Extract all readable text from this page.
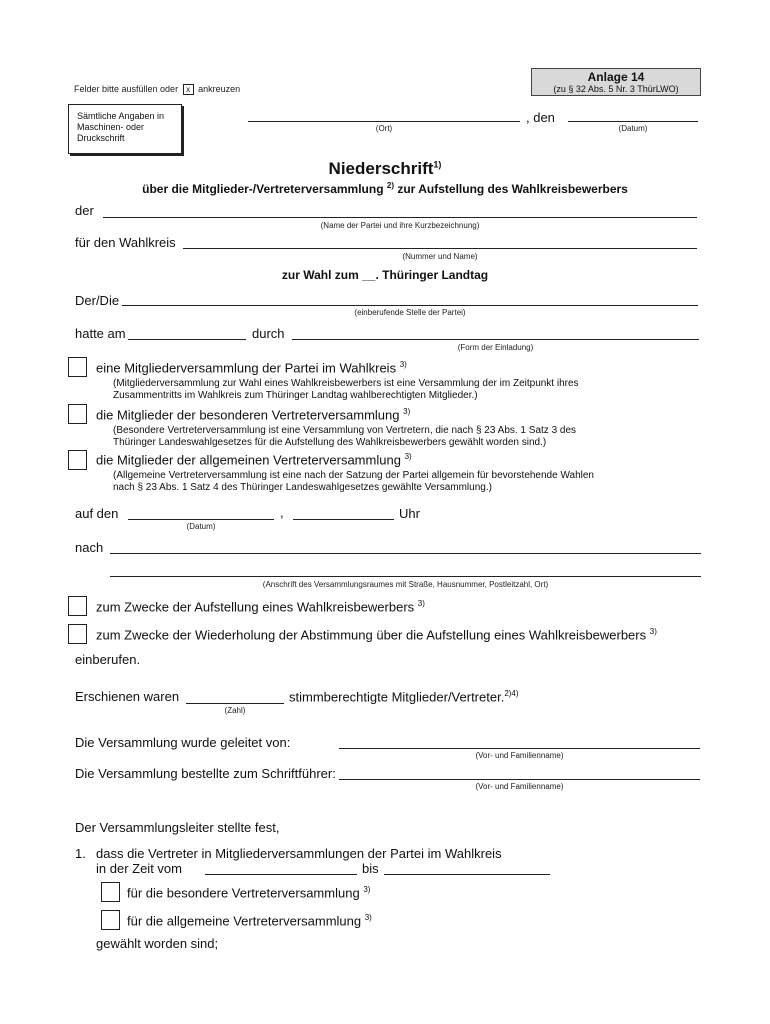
Felder bitte ausfüllen oder x ankreuzen
Anlage 14
(zu § 32 Abs. 5 Nr. 3 ThürLWO)
Sämtliche Angaben in Maschinen- oder Druckschrift
, den
(Ort)	(Datum)
Niederschrift$^{1)}$
über die Mitglieder-/Vertreterversammlung $^{2)}$ zur Aufstellung des Wahlkreisbewerbers
der
(Name der Partei und ihre Kurzbezeichnung)
für den Wahlkreis
(Nummer und Name)
zur Wahl zum __. Thüringer Landtag
Der/Die
(einberufende Stelle der Partei)
hatte am	durch
(Form der Einladung)
eine Mitgliederversammlung der Partei im Wahlkreis $^{3)}$
(Mitgliederversammlung zur Wahl eines Wahlkreisbewerbers ist eine Versammlung der im Zeitpunkt ihres
Zusammentritts im Wahlkreis zum Thüringer Landtag wahlberechtigten Mitglieder.)
die Mitglieder der besonderen Vertreterversammlung $^{3)}$
(Besondere Vertreterversammlung ist eine Versammlung von Vertretern, die nach § 23 Abs. 1 Satz 3 des
Thüringer Landeswahlgesetzes für die Aufstellung des Wahlkreisbewerbers gewählt worden sind.)
die Mitglieder der allgemeinen Vertreterversammlung $^{3)}$
(Allgemeine Vertreterversammlung ist eine nach der Satzung der Partei allgemein für bevorstehende Wahlen
nach § 23 Abs. 1 Satz 4 des Thüringer Landeswahlgesetzes gewählte Versammlung.)
auf den	,	Uhr
(Datum)
nach
(Anschrift des Versammlungsraumes mit Straße, Hausnummer, Postleitzahl, Ort)
zum Zwecke der Aufstellung eines Wahlkreisbewerbers $^{3)}$
zum Zwecke der Wiederholung der Abstimmung über die Aufstellung eines Wahlkreisbewerbers $^{3)}$
einberufen.
Erschienen waren	stimmberechtigte Mitglieder/Vertreter.$^{2)4)}$
(Zahl)
Die Versammlung wurde geleitet von:
(Vor- und Familienname)
Die Versammlung bestellte zum Schriftführer:
(Vor- und Familienname)
Der Versammlungsleiter stellte fest,
1. dass die Vertreter in Mitgliederversammlungen der Partei im Wahlkreis
in der Zeit vom	bis
für die besondere Vertreterversammlung $^{3)}$
für die allgemeine Vertreterversammlung $^{3)}$
gewählt worden sind;
